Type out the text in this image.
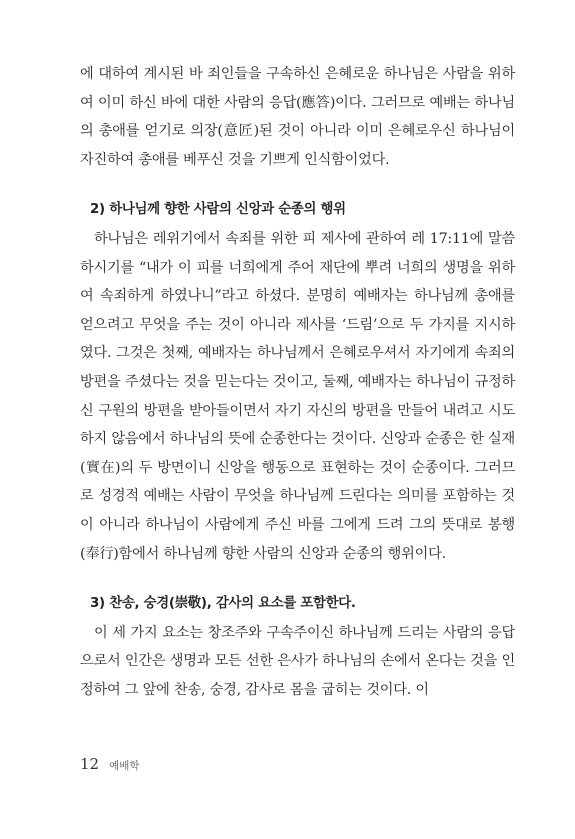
에 대하여 계시된 바 죄인들을 구속하신 은혜로운 하나님은 사람을 위하여 이미 하신 바에 대한 사람의 응답(應答)이다. 그러므로 예배는 하나님의 총애를 얻기로 의장(意匠)된 것이 아니라 이미 은혜로우신 하나님이 자진하여 총애를 베푸신 것을 기쁘게 인식함이었다.

2) 하나님께 향한 사람의 신앙과 순종의 행위

하나님은 레위기에서 속죄를 위한 피 제사에 관하여 레 17:11에 말씀하시기를 “내가 이 피를 너희에게 주어 재단에 뿌려 너희의 생명을 위하여 속죄하게 하였나니”라고 하셨다. 분명히 예배자는 하나님께 총애를 얻으려고 무엇을 주는 것이 아니라 제사를 ‘드림’으로 두 가지를 지시하였다. 그것은 첫째, 예배자는 하나님께서 은혜로우셔서 자기에게 속죄의 방편을 주셨다는 것을 믿는다는 것이고, 둘째, 예배자는 하나님이 규정하신 구원의 방편을 받아들이면서 자기 자신의 방편을 만들어 내려고 시도하지 않음에서 하나님의 뜻에 순종한다는 것이다. 신앙과 순종은 한 실재(實在)의 두 방면이니 신앙을 행동으로 표현하는 것이 순종이다. 그러므로 성경적 예배는 사람이 무엇을 하나님께 드린다는 의미를 포함하는 것이 아니라 하나님이 사람에게 주신 바를 그에게 드려 그의 뜻대로 봉행(奉行)함에서 하나님께 향한 사람의 신앙과 순종의 행위이다.

3) 찬송, 숭경(崇敬), 감사의 요소를 포함한다.

이 세 가지 요소는 창조주와 구속주이신 하나님께 드리는 사람의 응답으로서 인간은 생명과 모든 선한 은사가 하나님의 손에서 온다는 것을 인정하여 그 앞에 찬송, 숭경, 감사로 몸을 굽히는 것이다. 이

12 예배학
